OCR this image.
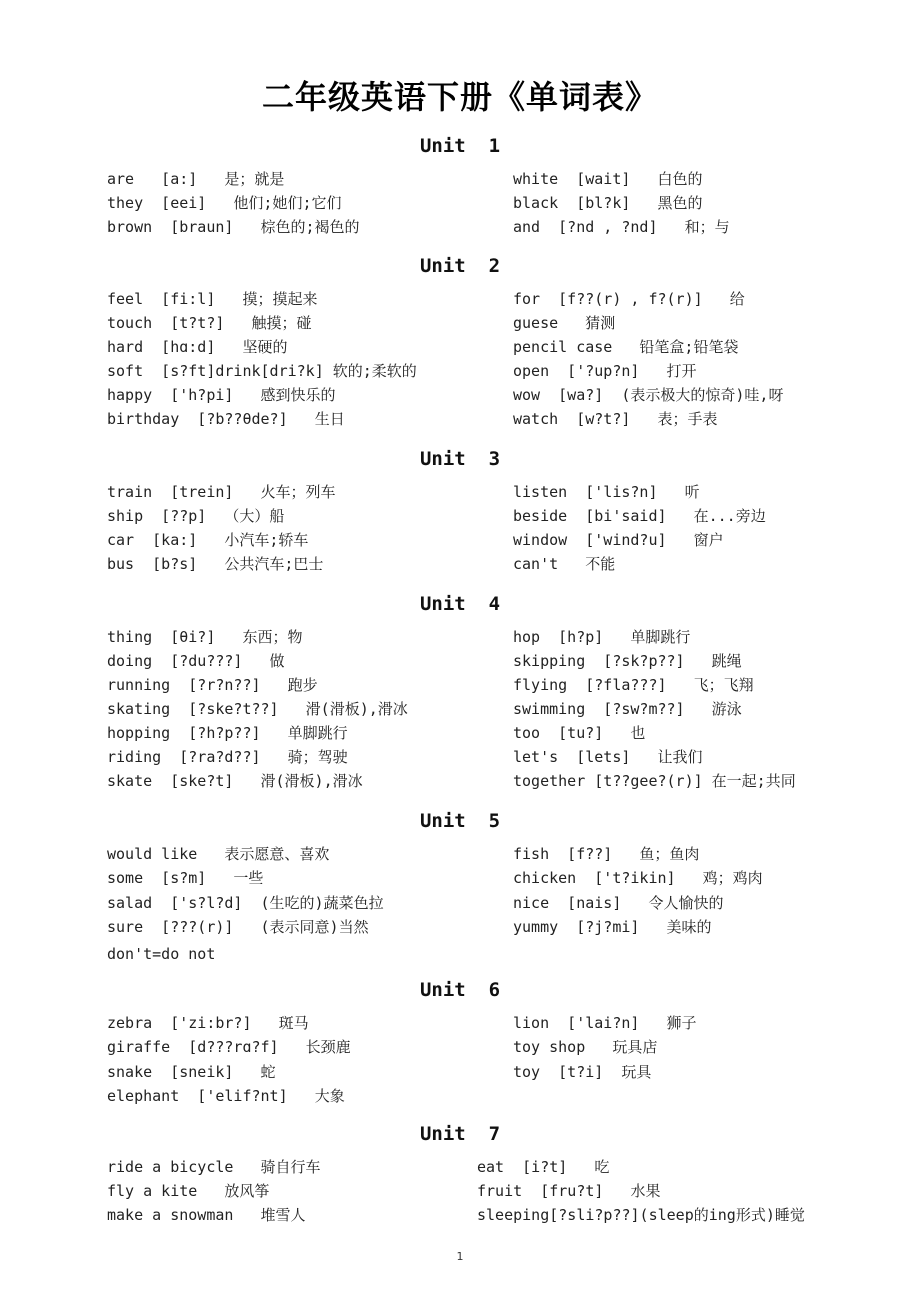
二年级英语下册《单词表》
Unit  1
are   [a:]   是；就是
they  [eei]   他们;她们;它们
brown  [braun]   棕色的;褐色的
white  [wait]   白色的
black  [bl?k]   黑色的
and  [?nd , ?nd]   和；与
Unit  2
feel  [fi:l]   摸；摸起来
touch  [t?t?]   触摸；碰
hard  [hɑ:d]   坚硬的
soft  [s?ft]drink[dri?k] 软的;柔软的
happy  ['h?pi]   感到快乐的
birthday  [?b??θde?]   生日
for  [f??(r) , f?(r)]   给
guese   猜测
pencil case   铅笔盒;铅笔袋
open  ['?up?n]   打开
wow  [wa?]  (表示极大的惊奇)哇,呀
watch  [w?t?]   表；手表
Unit  3
train  [trein]   火车；列车
ship  [??p]  （大）船
car  [ka:]   小汽车;轿车
bus  [b?s]   公共汽车;巴士
listen  ['lis?n]   听
beside  [bi'said]   在...旁边
window  ['wind?u]   窗户
can't   不能
Unit  4
thing  [θi?]   东西；物
doing  [?du???]   做
running  [?r?n??]   跑步
skating  [?ske?t??]   滑(滑板),滑冰
hopping  [?h?p??]   单脚跳行
riding  [?ra?d??]   骑；驾驶
skate  [ske?t]   滑(滑板),滑冰
hop  [h?p]   单脚跳行
skipping  [?sk?p??]   跳绳
flying  [?fla???]   飞；飞翔
swimming  [?sw?m??]   游泳
too  [tu?]   也
let's  [lets]   让我们
together [t??gee?(r)] 在一起;共同
Unit  5
would like   表示愿意、喜欢
some  [s?m]   一些
salad  ['s?l?d]  (生吃的)蔬菜色拉
sure  [???(r)]   (表示同意)当然
don't=do not
fish  [f??]   鱼；鱼肉
chicken  ['t?ikin]   鸡；鸡肉
nice  [nais]   令人愉快的
yummy  [?j?mi]   美味的
Unit  6
zebra  ['zi:br?]   斑马
giraffe  [d???rɑ?f]   长颈鹿
snake  [sneik]   蛇
elephant  ['elif?nt]   大象
lion  ['lai?n]   狮子
toy shop   玩具店
toy  [t?i]  玩具
Unit  7
ride a bicycle   骑自行车
fly a kite   放风筝
make a snowman   堆雪人
eat  [i?t]   吃
fruit  [fru?t]   水果
sleeping[?sli?p??](sleep的ing形式)睡觉
1
